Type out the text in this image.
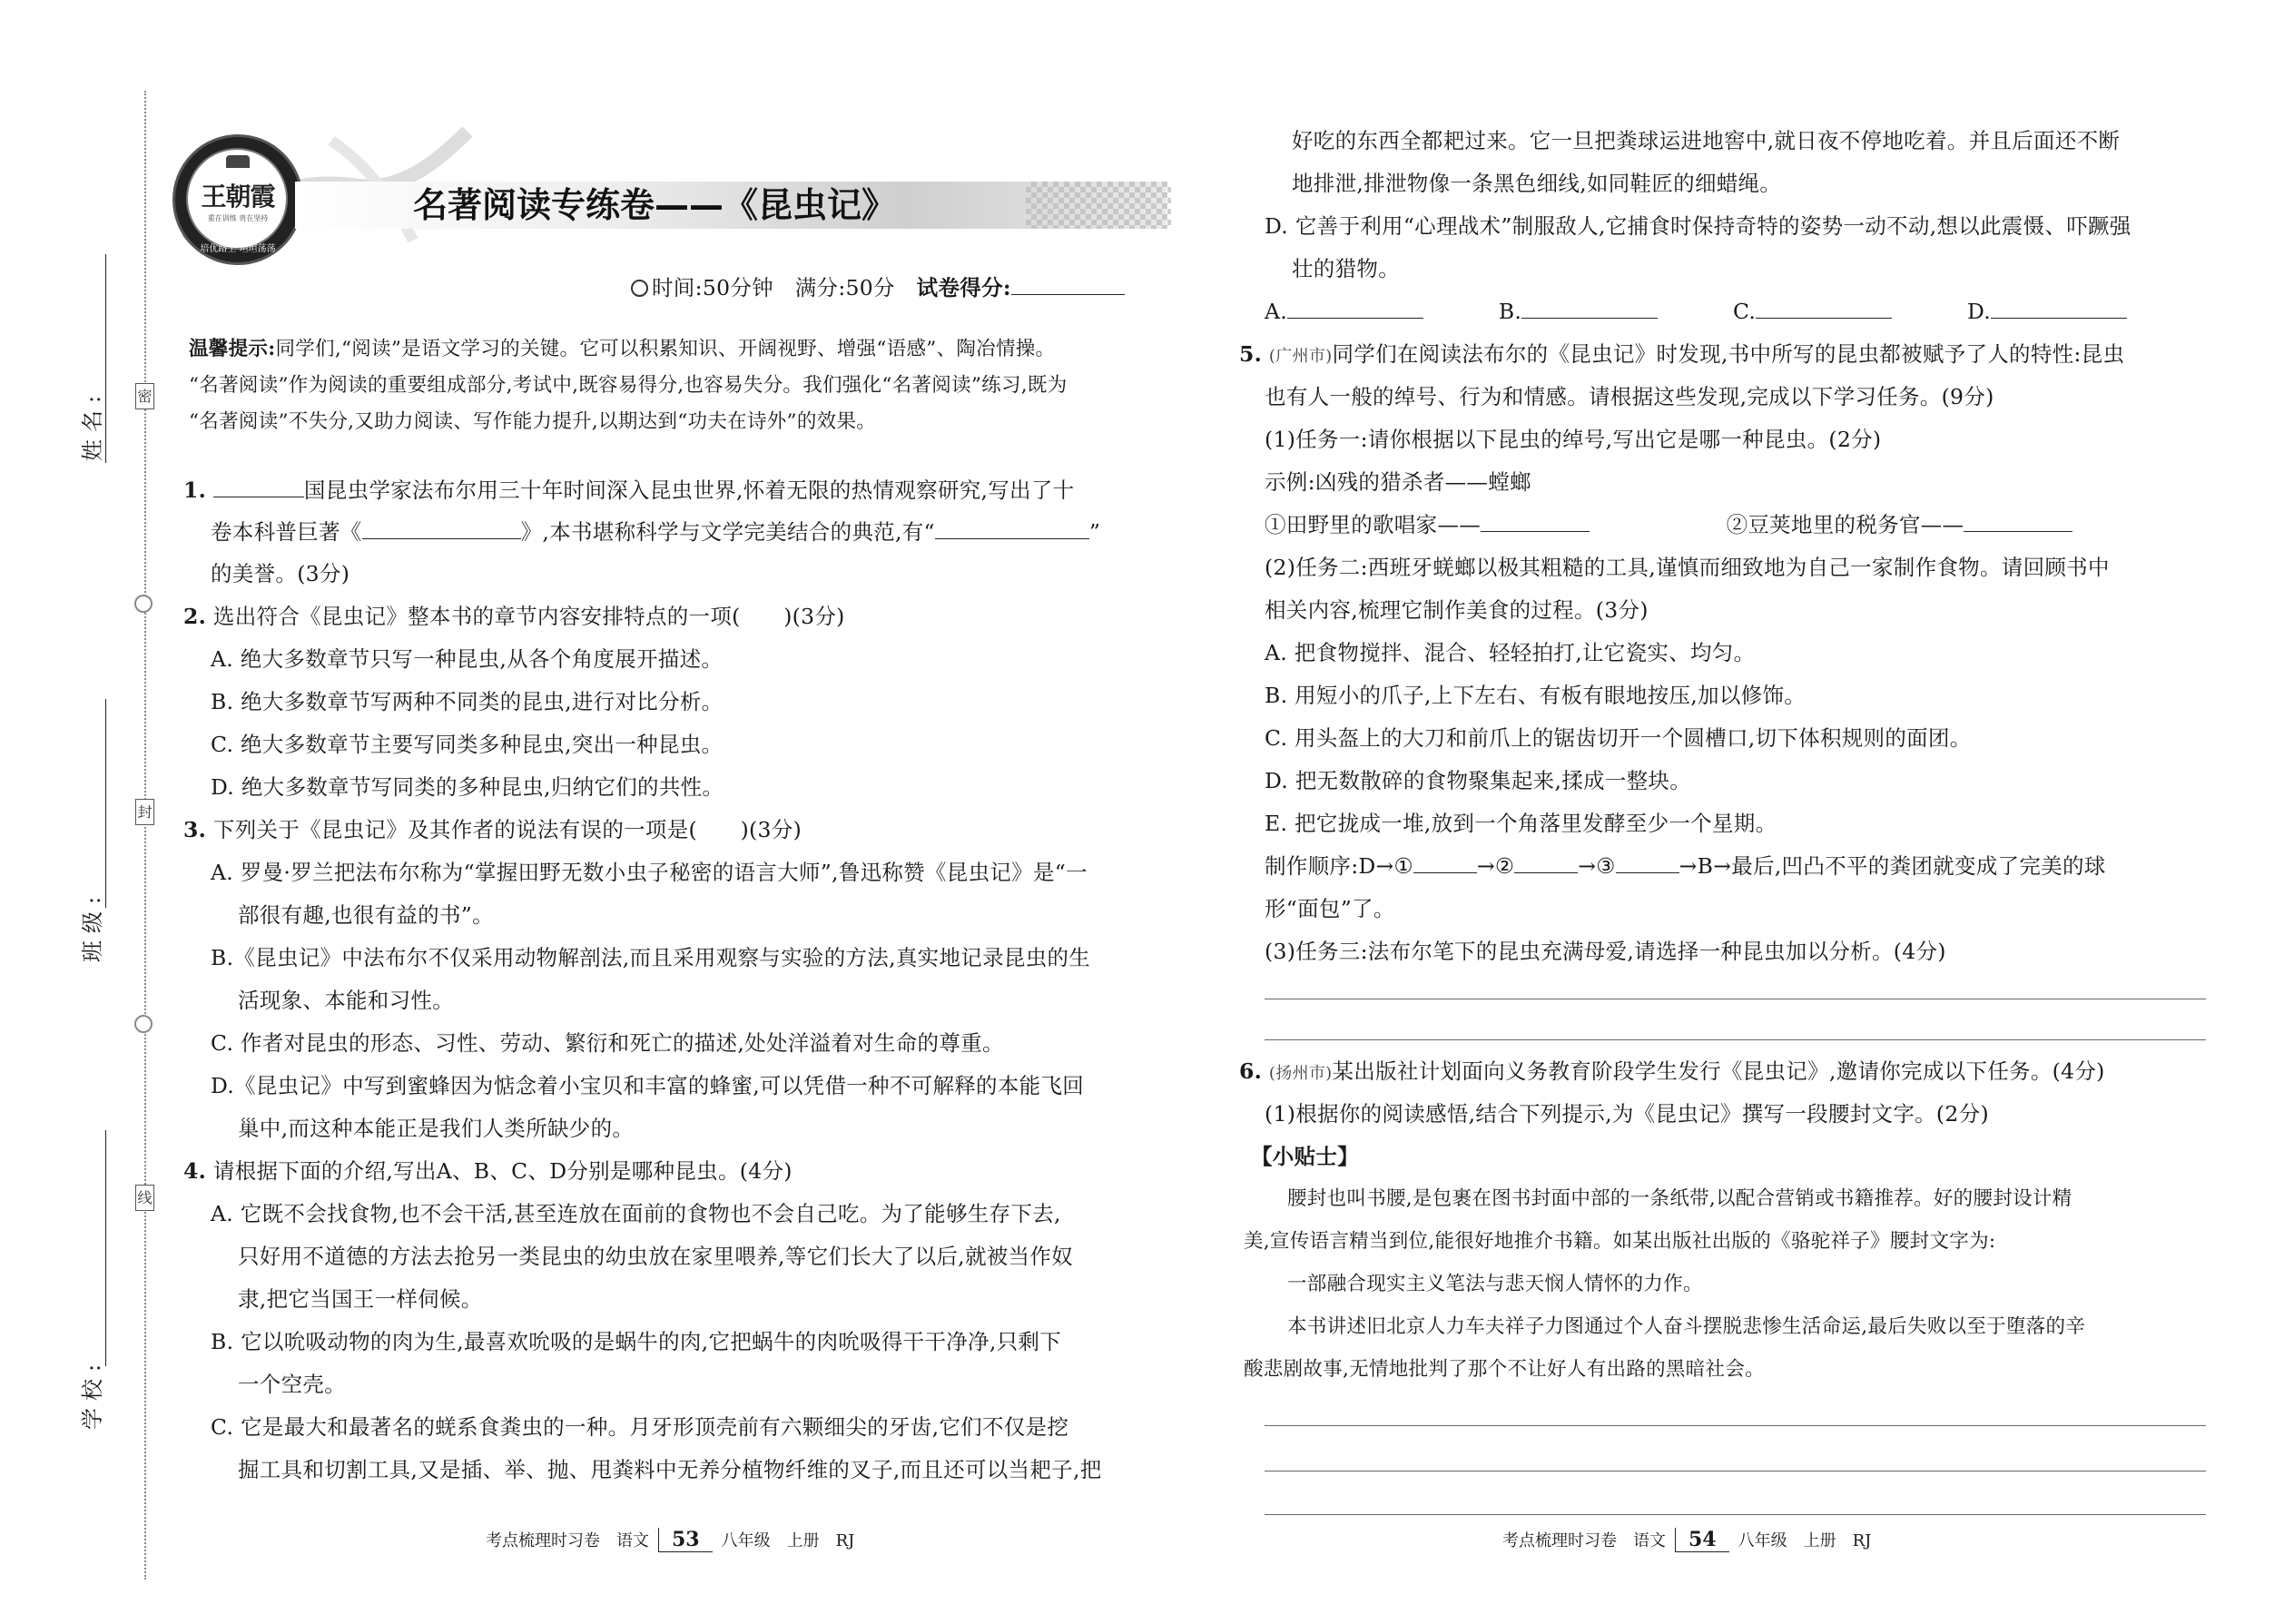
密
封
线
姓名:
班级:
学校:
王朝霞
重在训练 贵在坚持
培优路上 坦坦荡荡
名著阅读专练卷——《昆虫记》
时间:50分钟　 满分:50分　 试卷得分:
温馨提示:同学们,“阅读”是语文学习的关键。它可以积累知识、开阔视野、增强“语感”、陶冶情操。
“名著阅读”作为阅读的重要组成部分,考试中,既容易得分,也容易失分。我们强化“名著阅读”练习,既为
“名著阅读”不失分,又助力阅读、写作能力提升,以期达到“功夫在诗外”的效果。
1.	国昆虫学家法布尔用三十年时间深入昆虫世界,怀着无限的热情观察研究,写出了十
卷本科普巨著《	》,本书堪称科学与文学完美结合的典范,有“	”
的美誉。(3分)
2. 选出符合《昆虫记》整本书的章节内容安排特点的一项(　　)(3分)
A. 绝大多数章节只写一种昆虫,从各个角度展开描述。
B. 绝大多数章节写两种不同类的昆虫,进行对比分析。
C. 绝大多数章节主要写同类多种昆虫,突出一种昆虫。
D. 绝大多数章节写同类的多种昆虫,归纳它们的共性。
3. 下列关于《昆虫记》及其作者的说法有误的一项是(　　)(3分)
A. 罗曼·罗兰把法布尔称为“掌握田野无数小虫子秘密的语言大师”,鲁迅称赞《昆虫记》是“一
部很有趣,也很有益的书”。
B.《昆虫记》中法布尔不仅采用动物解剖法,而且采用观察与实验的方法,真实地记录昆虫的生
活现象、本能和习性。
C. 作者对昆虫的形态、习性、劳动、繁衍和死亡的描述,处处洋溢着对生命的尊重。
D.《昆虫记》中写到蜜蜂因为惦念着小宝贝和丰富的蜂蜜,可以凭借一种不可解释的本能飞回
巢中,而这种本能正是我们人类所缺少的。
4. 请根据下面的介绍,写出A、B、C、D分别是哪种昆虫。(4分)
A. 它既不会找食物,也不会干活,甚至连放在面前的食物也不会自己吃。为了能够生存下去,
只好用不道德的方法去抢另一类昆虫的幼虫放在家里喂养,等它们长大了以后,就被当作奴
隶,把它当国王一样伺候。
B. 它以吮吸动物的肉为生,最喜欢吮吸的是蜗牛的肉,它把蜗牛的肉吮吸得干干净净,只剩下
一个空壳。
C. 它是最大和最著名的蜣系食粪虫的一种。月牙形顶壳前有六颗细尖的牙齿,它们不仅是挖
掘工具和切割工具,又是插、举、抛、甩粪料中无养分植物纤维的叉子,而且还可以当耙子,把
考点梳理时习卷　语文 53 八年级　上册　RJ
好吃的东西全都耙过来。它一旦把粪球运进地窖中,就日夜不停地吃着。并且后面还不断
地排泄,排泄物像一条黑色细线,如同鞋匠的细蜡绳。
D. 它善于利用“心理战术”制服敌人,它捕食时保持奇特的姿势一动不动,想以此震慑、吓蹶强
壮的猎物。
A.	B.	C.	D.
5. (广州市)同学们在阅读法布尔的《昆虫记》时发现,书中所写的昆虫都被赋予了人的特性:昆虫
也有人一般的绰号、行为和情感。请根据这些发现,完成以下学习任务。(9分)
(1)任务一:请你根据以下昆虫的绰号,写出它是哪一种昆虫。(2分)
示例:凶残的猎杀者——螳螂
①田野里的歌唱家——	②豆荚地里的税务官——
(2)任务二:西班牙蜣螂以极其粗糙的工具,谨慎而细致地为自己一家制作食物。请回顾书中
相关内容,梳理它制作美食的过程。(3分)
A. 把食物搅拌、混合、轻轻拍打,让它瓷实、均匀。
B. 用短小的爪子,上下左右、有板有眼地按压,加以修饰。
C. 用头盔上的大刀和前爪上的锯齿切开一个圆槽口,切下体积规则的面团。
D. 把无数散碎的食物聚集起来,揉成一整块。
E. 把它拢成一堆,放到一个角落里发酵至少一个星期。
制作顺序:D→①	→②	→③	→B→最后,凹凸不平的粪团就变成了完美的球
形“面包”了。
(3)任务三:法布尔笔下的昆虫充满母爱,请选择一种昆虫加以分析。(4分)
6. (扬州市)某出版社计划面向义务教育阶段学生发行《昆虫记》,邀请你完成以下任务。(4分)
(1)根据你的阅读感悟,结合下列提示,为《昆虫记》撰写一段腰封文字。(2分)
【小贴士】
腰封也叫书腰,是包裹在图书封面中部的一条纸带,以配合营销或书籍推荐。好的腰封设计精
美,宣传语言精当到位,能很好地推介书籍。如某出版社出版的《骆驼祥子》腰封文字为:
一部融合现实主义笔法与悲天悯人情怀的力作。
本书讲述旧北京人力车夫祥子力图通过个人奋斗摆脱悲惨生活命运,最后失败以至于堕落的辛
酸悲剧故事,无情地批判了那个不让好人有出路的黑暗社会。
考点梳理时习卷　语文 54 八年级　上册　RJ
